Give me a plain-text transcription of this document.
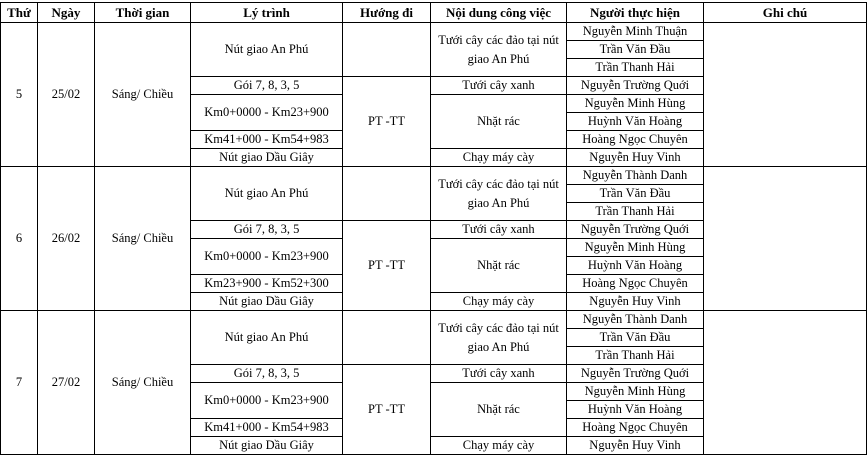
Thứ	Ngày	Thời gian	Lý trình	Hướng đi	Nội dung công việc	Người thực hiện	Ghi chú
5	25/02	Sáng/ Chiều	Nút giao An Phú		Tưới cây các đảo tại nút giao An Phú	Nguyễn Minh Thuận	
						Trần Văn Đầu	
						Trần Thanh Hải	
			Gói 7, 8, 3, 5	PT -TT	Tưới cây xanh	Nguyễn Trường Quới	
			Km0+0000 - Km23+900		Nhặt rác	Nguyễn Minh Hùng	
						Huỳnh Văn Hoàng	
			Km41+000 - Km54+983			Hoàng Ngọc Chuyên	
			Nút giao Dầu Giây		Chạy máy cày	Nguyễn Huy Vinh	
6	26/02	Sáng/ Chiều	Nút giao An Phú		Tưới cây các đảo tại nút giao An Phú	Nguyễn Thành Danh	
						Trần Văn Đầu	
						Trần Thanh Hải	
			Gói 7, 8, 3, 5	PT -TT	Tưới cây xanh	Nguyễn Trường Quới	
			Km0+0000 - Km23+900		Nhặt rác	Nguyễn Minh Hùng	
						Huỳnh Văn Hoàng	
			Km23+900 - Km52+300			Hoàng Ngọc Chuyên	
			Nút giao Dầu Giây		Chạy máy cày	Nguyễn Huy Vinh	
7	27/02	Sáng/ Chiều	Nút giao An Phú		Tưới cây các đảo tại nút giao An Phú	Nguyễn Thành Danh	
						Trần Văn Đầu	
						Trần Thanh Hải	
			Gói 7, 8, 3, 5	PT -TT	Tưới cây xanh	Nguyễn Trường Quới	
			Km0+0000 - Km23+900		Nhặt rác	Nguyễn Minh Hùng	
						Huỳnh Văn Hoàng	
			Km41+000 - Km54+983			Hoàng Ngọc Chuyên	
			Nút giao Dầu Giây		Chạy máy cày	Nguyễn Huy Vinh	
